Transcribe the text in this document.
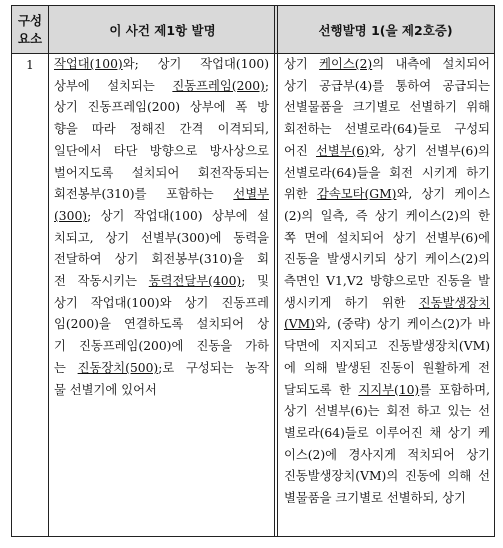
구성
요소
이 사건 제1항 발명	선행발명 1(을 제2호증)
1	작업대(100)와; 상기 작업대(100)
상부에 설치되는 진동프레임(200);
상기 진동프레임(200) 상부에 폭 방
향을 따라 정해진 간격 이격되되,
일단에서 타단 방향으로 방사상으로
벌어지도록 설치되어 회전작동되는
회전봉부(310)를 포함하는 선별부
(300); 상기 작업대(100) 상부에 설
치되고, 상기 선별부(300)에 동력을
전달하여 상기 회전봉부(310)을 회
전 작동시키는 동력전달부(400); 및
상기 작업대(100)와 상기 진동프레
임(200)을 연결하도록 설치되어 상
기 진동프레임(200)에 진동을 가하
는 진동장치(500);로 구성되는 농작
물 선별기에 있어서
상기 케이스(2)의 내측에 설치되어
상기 공급부(4)를 통하여 공급되는
선별물품을 크기별로 선별하기 위해
회전하는 선별로라(64)들로 구성되
어진 선별부(6)와, 상기 선별부(6)의
선별로라(64)들을 회전 시키게 하기
위한 감속모타(GM)와, 상기 케이스
(2)의 일측, 즉 상기 케이스(2)의 한
쪽 면에 설치되어 상기 선별부(6)에
진동을 발생시키되 상기 케이스(2)의
측면인 V1,V2 방향으로만 진동을 발
생시키게 하기 위한 진동발생장치
(VM)와, (중략) 상기 케이스(2)가 바
닥면에 지지되고 진동발생장치(VM)
에 의해 발생된 진동이 원활하게 전
달되도록 한 지지부(10)를 포함하며,
상기 선별부(6)는 회전 하고 있는 선
별로라(64)들로 이루어진 채 상기 케
이스(2)에 경사지게 적치되어 상기
진동발생장치(VM)의 진동에 의해 선
별물품을 크기별로 선별하되, 상기
